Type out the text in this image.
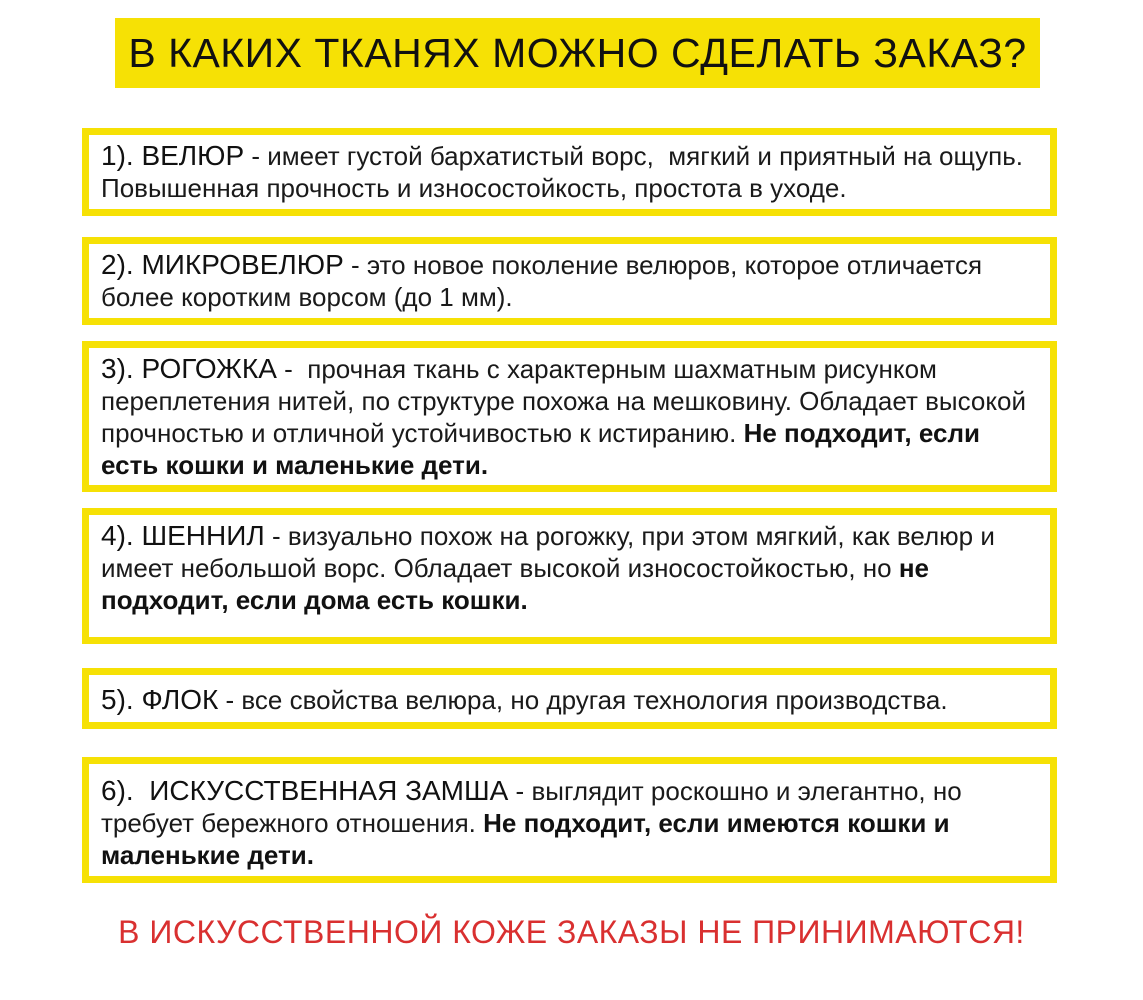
В КАКИХ ТКАНЯХ МОЖНО СДЕЛАТЬ ЗАКАЗ?

1). ВЕЛЮР - имеет густой бархатистый ворс,  мягкий и приятный на ощупь. Повышенная прочность и износостойкость, простота в уходе.

2). МИКРОВЕЛЮР - это новое поколение велюров, которое отличается более коротким ворсом (до 1 мм).

3). РОГОЖКА -  прочная ткань с характерным шахматным рисунком переплетения нитей, по структуре похожа на мешковину. Обладает высокой прочностью и отличной устойчивостью к истиранию. Не подходит, если есть кошки и маленькие дети.

4). ШЕННИЛ - визуально похож на рогожку, при этом мягкий, как велюр и имеет небольшой ворс. Обладает высокой износостойкостью, но не подходит, если дома есть кошки.

5). ФЛОК - все свойства велюра, но другая технология производства.

6).  ИСКУССТВЕННАЯ ЗАМША - выглядит роскошно и элегантно, но требует бережного отношения. Не подходит, если имеются кошки и маленькие дети.

В ИСКУССТВЕННОЙ КОЖЕ ЗАКАЗЫ НЕ ПРИНИМАЮТСЯ!
